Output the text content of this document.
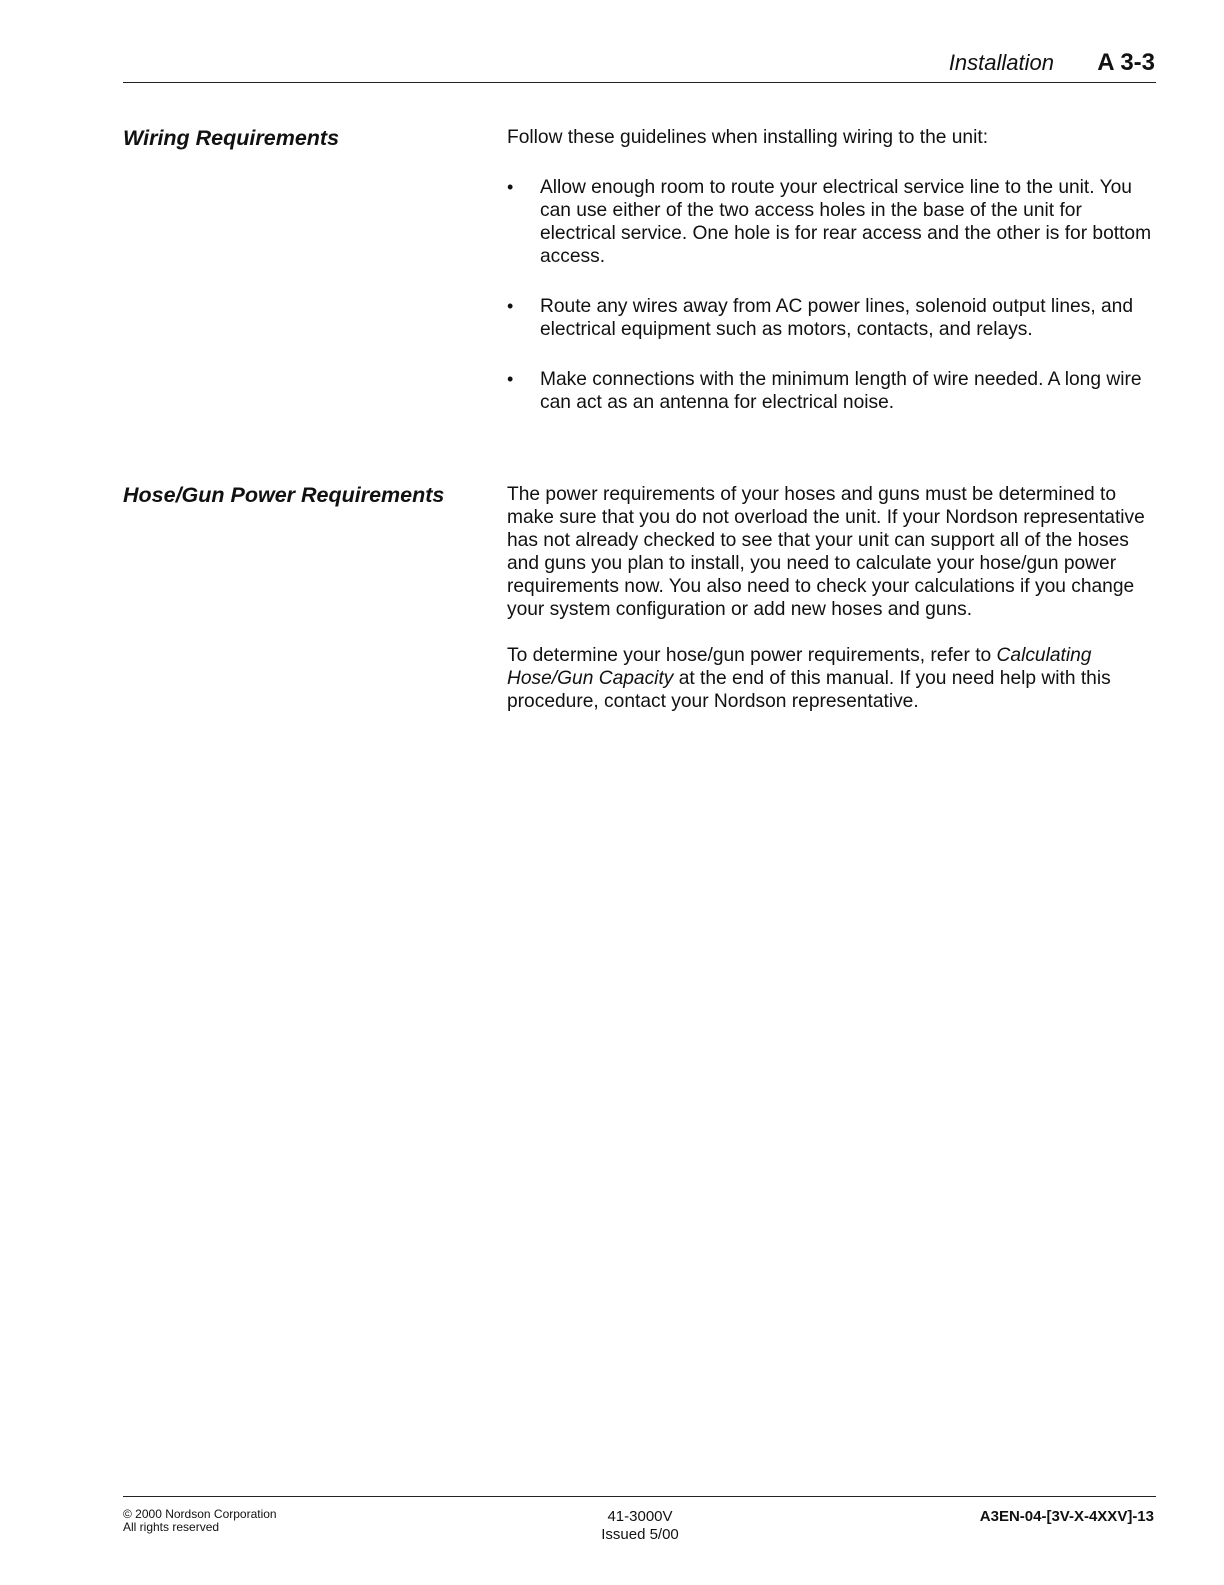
Installation A 3-3
Wiring Requirements	Follow these guidelines when installing wiring to the unit:

• Allow enough room to route your electrical service line to the unit. You can use either of the two access holes in the base of the unit for electrical service. One hole is for rear access and the other is for bottom access.
• Route any wires away from AC power lines, solenoid output lines, and electrical equipment such as motors, contacts, and relays.
• Make connections with the minimum length of wire needed. A long wire can act as an antenna for electrical noise.
Hose/Gun Power Requirements	The power requirements of your hoses and guns must be determined to make sure that you do not overload the unit. If your Nordson representative has not already checked to see that your unit can support all of the hoses and guns you plan to install, you need to calculate your hose/gun power requirements now. You also need to check your calculations if you change your system configuration or add new hoses and guns.

To determine your hose/gun power requirements, refer to Calculating Hose/Gun Capacity at the end of this manual. If you need help with this procedure, contact your Nordson representative.

© 2000 Nordson Corporation
All rights reserved
41-3000V
Issued 5/00
A3EN-04-[3V-X-4XXV]-13
